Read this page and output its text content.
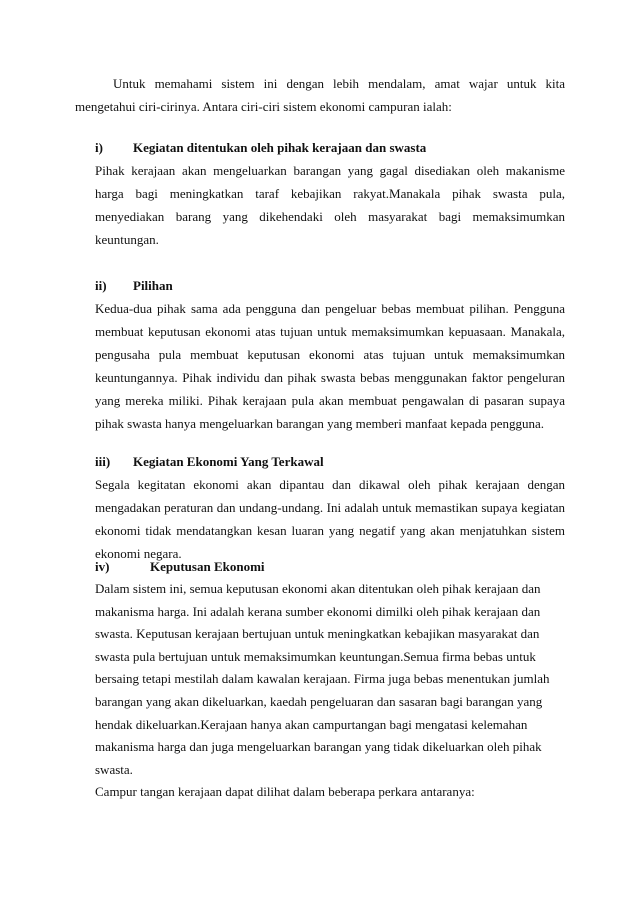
Untuk memahami sistem ini dengan lebih mendalam, amat wajar untuk kita
mengetahui ciri-cirinya. Antara ciri-ciri sistem ekonomi campuran ialah:
i)	Kegiatan ditentukan oleh pihak kerajaan dan swasta

Pihak kerajaan akan mengeluarkan barangan yang gagal disediakan oleh makanisme

harga bagi meningkatkan taraf kebajikan rakyat.Manakala pihak swasta pula,

menyediakan barang yang dikehendaki oleh masyarakat bagi memaksimumkan

keuntungan.

ii)	Pilihan

Kedua-dua pihak sama ada pengguna dan pengeluar bebas membuat pilihan. Pengguna

membuat keputusan ekonomi atas tujuan untuk memaksimumkan kepuasaan. Manakala,

pengusaha pula membuat keputusan ekonomi atas tujuan untuk memaksimumkan

keuntungannya. Pihak individu dan pihak swasta bebas menggunakan faktor pengeluran

yang mereka miliki. Pihak kerajaan pula akan membuat pengawalan di pasaran supaya

pihak swasta hanya mengeluarkan barangan yang memberi manfaat kepada pengguna.

iii)	Kegiatan Ekonomi Yang Terkawal

Segala kegitatan ekonomi akan dipantau dan dikawal oleh pihak kerajaan dengan

mengadakan peraturan dan undang-undang. Ini adalah untuk memastikan supaya kegiatan

ekonomi tidak mendatangkan kesan luaran yang negatif yang akan menjatuhkan sistem

ekonomi negara.

iv)	Keputusan Ekonomi

Dalam sistem ini, semua keputusan ekonomi akan ditentukan oleh pihak kerajaan dan

makanisma harga. Ini adalah kerana sumber ekonomi dimilki oleh pihak kerajaan dan

swasta. Keputusan kerajaan bertujuan untuk meningkatkan kebajikan masyarakat dan

swasta pula bertujuan untuk memaksimumkan keuntungan.Semua firma bebas untuk

bersaing tetapi mestilah dalam kawalan kerajaan. Firma juga bebas menentukan jumlah

barangan yang akan dikeluarkan, kaedah pengeluaran dan sasaran bagi barangan yang

hendak dikeluarkan.Kerajaan hanya akan campurtangan bagi mengatasi kelemahan

makanisma harga dan juga mengeluarkan barangan yang tidak dikeluarkan oleh pihak

swasta.

Campur tangan kerajaan dapat dilihat dalam beberapa perkara antaranya:
